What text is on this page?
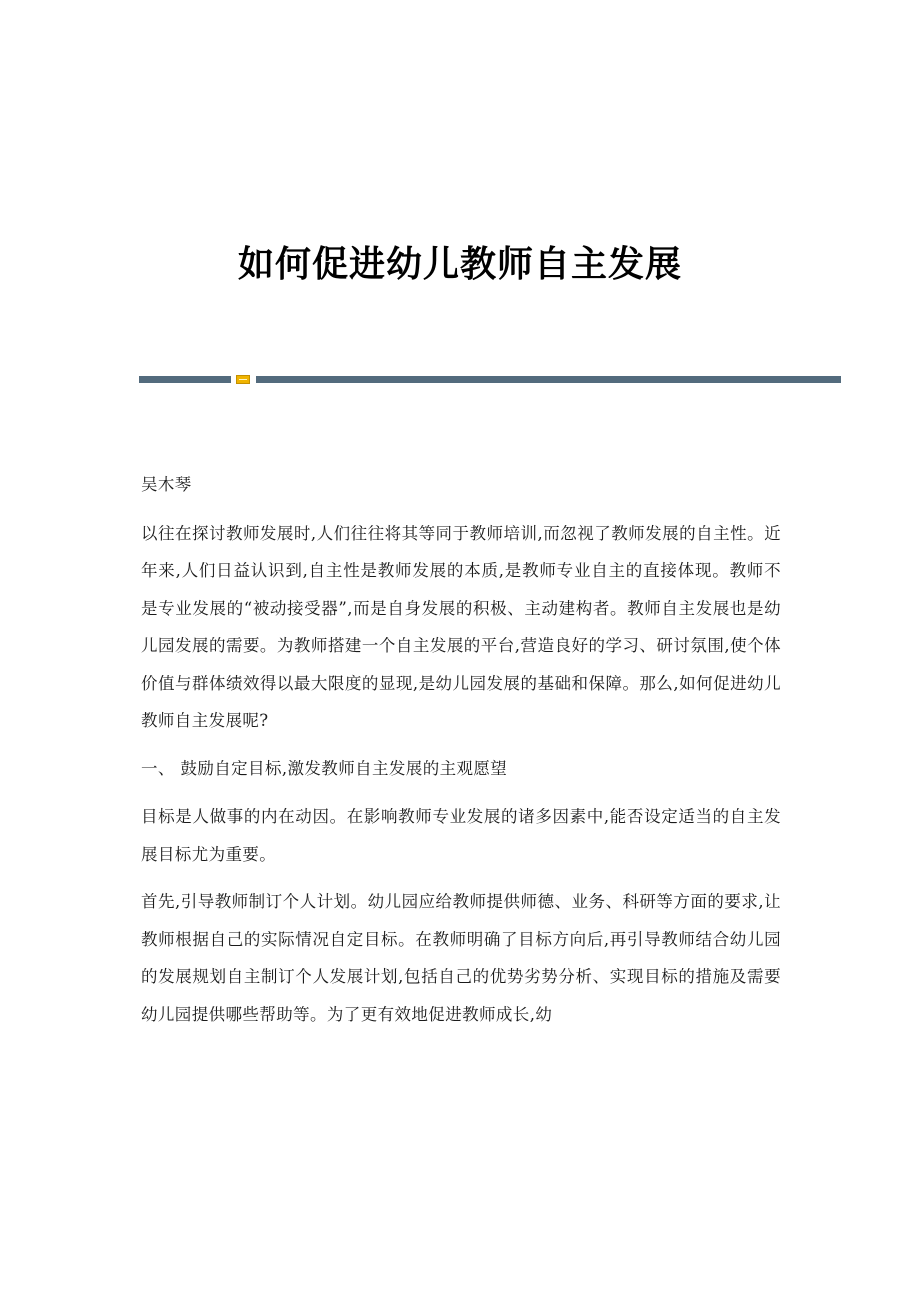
如何促进幼儿教师自主发展

吴木琴

以往在探讨教师发展时,人们往往将其等同于教师培训,而忽视了教师发展的自主性。近年来,人们日益认识到,自主性是教师发展的本质,是教师专业自主的直接体现。教师不是专业发展的“被动接受器”,而是自身发展的积极、主动建构者。教师自主发展也是幼儿园发展的需要。为教师搭建一个自主发展的平台,营造良好的学习、研讨氛围,使个体价值与群体绩效得以最大限度的显现,是幼儿园发展的基础和保障。那么,如何促进幼儿教师自主发展呢?

一、 鼓励自定目标,激发教师自主发展的主观愿望

目标是人做事的内在动因。在影响教师专业发展的诸多因素中,能否设定适当的自主发展目标尤为重要。

首先,引导教师制订个人计划。幼儿园应给教师提供师德、业务、科研等方面的要求,让教师根据自己的实际情况自定目标。在教师明确了目标方向后,再引导教师结合幼儿园的发展规划自主制订个人发展计划,包括自己的优势劣势分析、实现目标的措施及需要幼儿园提供哪些帮助等。为了更有效地促进教师成长,幼
